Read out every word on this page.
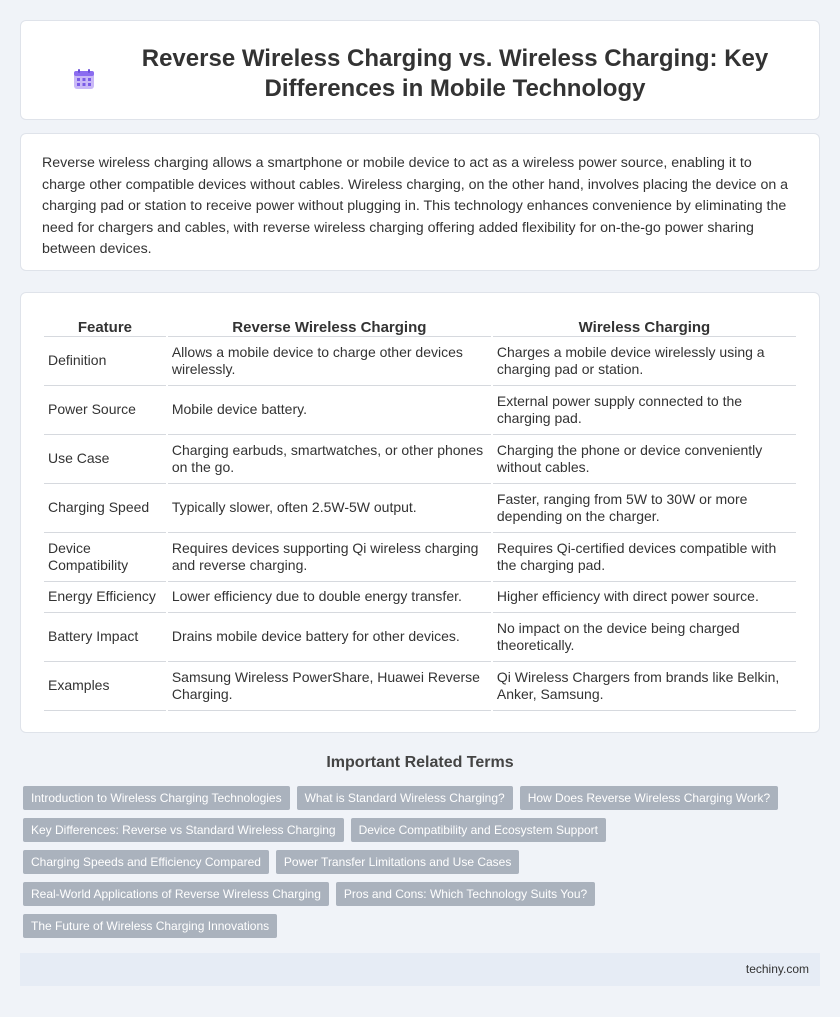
Reverse Wireless Charging vs. Wireless Charging: Key Differences in Mobile Technology

Reverse wireless charging allows a smartphone or mobile device to act as a wireless power source, enabling it to charge other compatible devices without cables. Wireless charging, on the other hand, involves placing the device on a charging pad or station to receive power without plugging in. This technology enhances convenience by eliminating the need for chargers and cables, with reverse wireless charging offering added flexibility for on-the-go power sharing between devices.

Feature	Reverse Wireless Charging	Wireless Charging
Definition	Allows a mobile device to charge other devices wirelessly.	Charges a mobile device wirelessly using a charging pad or station.
Power Source	Mobile device battery.	External power supply connected to the charging pad.
Use Case	Charging earbuds, smartwatches, or other phones on the go.	Charging the phone or device conveniently without cables.
Charging Speed	Typically slower, often 2.5W-5W output.	Faster, ranging from 5W to 30W or more depending on the charger.
Device Compatibility	Requires devices supporting Qi wireless charging and reverse charging.	Requires Qi-certified devices compatible with the charging pad.
Energy Efficiency	Lower efficiency due to double energy transfer.	Higher efficiency with direct power source.
Battery Impact	Drains mobile device battery for other devices.	No impact on the device being charged theoretically.
Examples	Samsung Wireless PowerShare, Huawei Reverse Charging.	Qi Wireless Chargers from brands like Belkin, Anker, Samsung.
Important Related Terms
Introduction to Wireless Charging Technologies	What is Standard Wireless Charging?	How Does Reverse Wireless Charging Work?
Key Differences: Reverse vs Standard Wireless Charging	Device Compatibility and Ecosystem Support
Charging Speeds and Efficiency Compared	Power Transfer Limitations and Use Cases
Real-World Applications of Reverse Wireless Charging	Pros and Cons: Which Technology Suits You?
The Future of Wireless Charging Innovations
techiny.com
